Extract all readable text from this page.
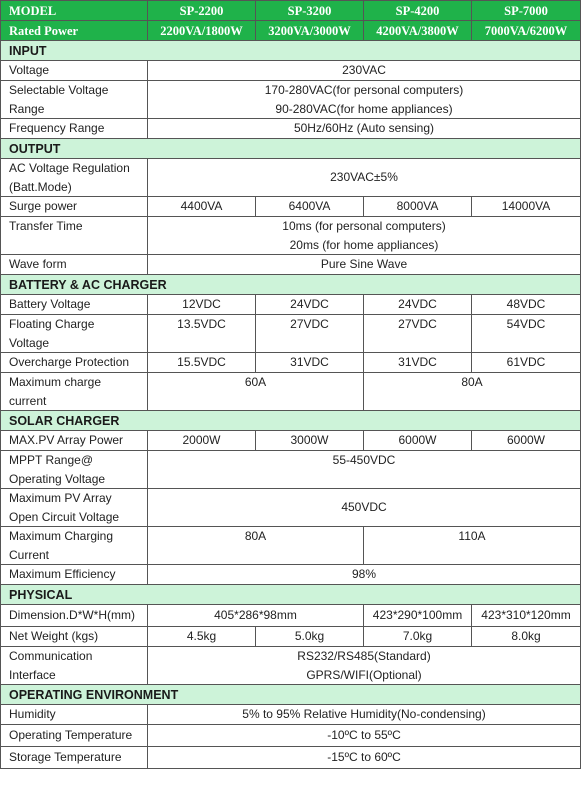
MODEL	SP-2200	SP-3200	SP-4200	SP-7000
Rated Power	2200VA/1800W	3200VA/3000W	4200VA/3800W	7000VA/6200W
INPUT				
Voltage	230VAC			

Selectable Voltage
Range	170-280VAC(for personal computers)
90-280VAC(for home appliances)			

Frequency Range	50Hz/60Hz (Auto sensing)			
OUTPUT				

AC Voltage Regulation
(Batt.Mode)	230VAC±5%			
Surge power	4400VA	6400VA	8000VA	14000VA
Transfer Time	10ms (for personal computers)
20ms (for home appliances)			

Wave form	Pure Sine Wave			
BATTERY & AC CHARGER				
Battery Voltage	12VDC	24VDC	24VDC	48VDC

Floating Charge
Voltage	13.5VDC	27VDC	27VDC	54VDC
Overcharge Protection	15.5VDC	31VDC	31VDC	61VDC

Maximum charge
current	60A		80A	
SOLAR CHARGER				
MAX.PV Array Power	2000W	3000W	6000W	6000W

MPPT Range@
Operating Voltage	55-450VDC			

Maximum PV Array
Open Circuit Voltage	450VDC			

Maximum Charging
Current	80A		110A	
Maximum Efficiency	98%			
PHYSICAL				
Dimension.D*W*H(mm)	405*286*98mm		423*290*100mm	423*310*120mm
Net Weight (kgs)	4.5kg	5.0kg	7.0kg	8.0kg

Communication
Interface	RS232/RS485(Standard)
GPRS/WIFI(Optional)			

OPERATING ENVIRONMENT				
Humidity	5% to 95% Relative Humidity(No-condensing)			
Operating Temperature	-10ºC to 55ºC			
Storage Temperature	-15ºC to 60ºC			
